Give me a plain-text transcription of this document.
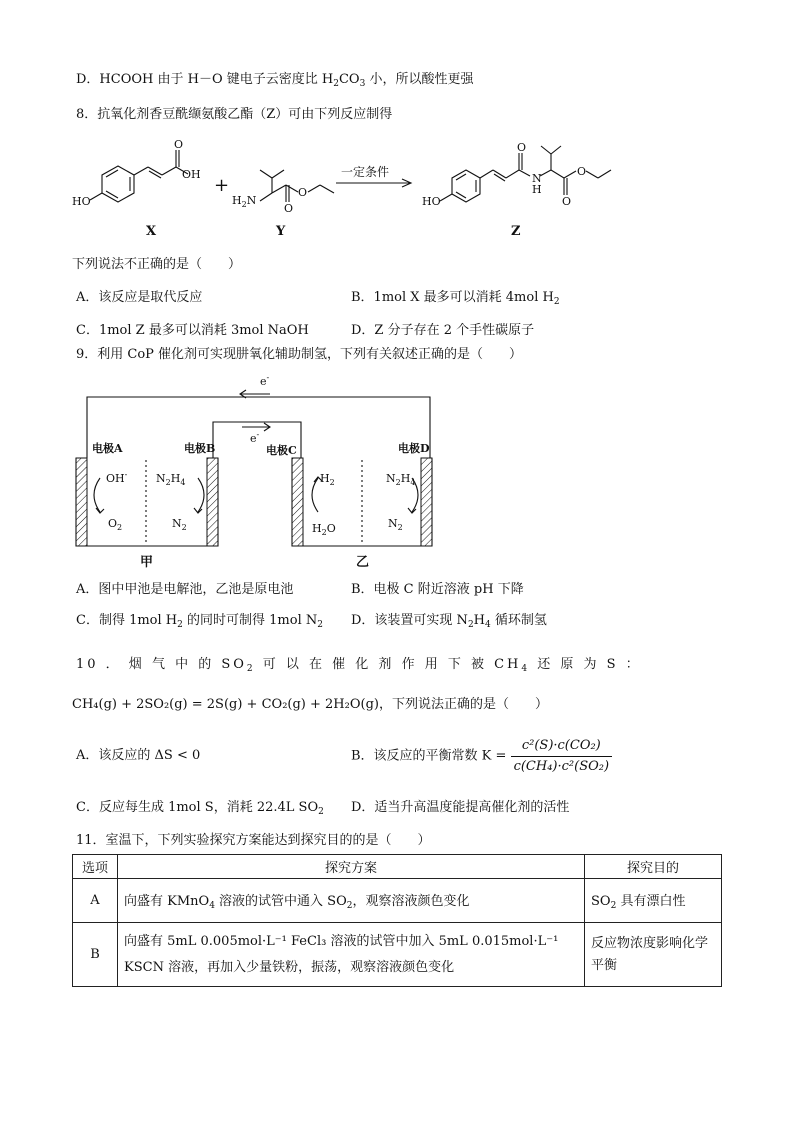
D．HCOOH 由于 H－O 键电子云密度比 $H_2CO_3$ 小，所以酸性更强
8．抗氧化剂香豆酰缬氨酸乙酯（Z）可由下列反应制得
OH
O
HO	$H_2N$
O
O
HO
O
N
H
O
O
一定条件
+
X	Y	Z
下列说法不正确的是（　　）
A．该反应是取代反应	B．1mol X 最多可以消耗 4mol $H_2$
C．1mol Z 最多可以消耗 3mol NaOH	D．Z 分子存在 2 个手性碳原子
9．利用 CoP 催化剂可实现肼氧化辅助制氢，下列有关叙述正确的是（　　）
e-
e-
电极A	电极B	电极C	电极D
OH-
$O_2$
$N_2H_4$
$N_2$
$H_2$
$H_2O$
$N_2H_4$
$N_2$
甲	乙
A．图中甲池是电解池，乙池是原电池	B．电极 C 附近溶液 pH 下降
C．制得 1mol $H_2$ 的同时可制得 1mol $N_2$ D．该装置可实现 $N_2H_4$ 循环制氢
10 ． 烟 气 中 的 $SO_2$ 可 以 在 催 化 剂 作 用 下 被 $CH_4$ 还 原 为 S ：
CH₄(g) + 2SO₂(g) = 2S(g) + CO₂(g) + 2H₂O(g)，下列说法正确的是（　　）
A．该反应的 ΔS < 0	B．该反应的平衡常数 $K = \frac{\text{c²(S)·c(CO₂)}}{\text{c(CH₄)·c²(SO₂)}}$
C．反应每生成 1mol S，消耗 22.4L $SO_2$ D．适当升高温度能提高催化剂的活性
11．室温下，下列实验探究方案能达到探究目的的是（　　）
选项	探究方案	探究目的
A	向盛有 KMnO$_4$ 溶液的试管中通入 $SO_2$，观察溶液颜色变化	$SO_2$ 具有漂白性
B	向盛有 5mL 0.005mol·L⁻¹ FeCl₃ 溶液的试管中加入 5mL 0.015mol·L⁻¹
KSCN 溶液，再加入少量铁粉，振荡，观察溶液颜色变化	反应物浓度影响化学平衡
